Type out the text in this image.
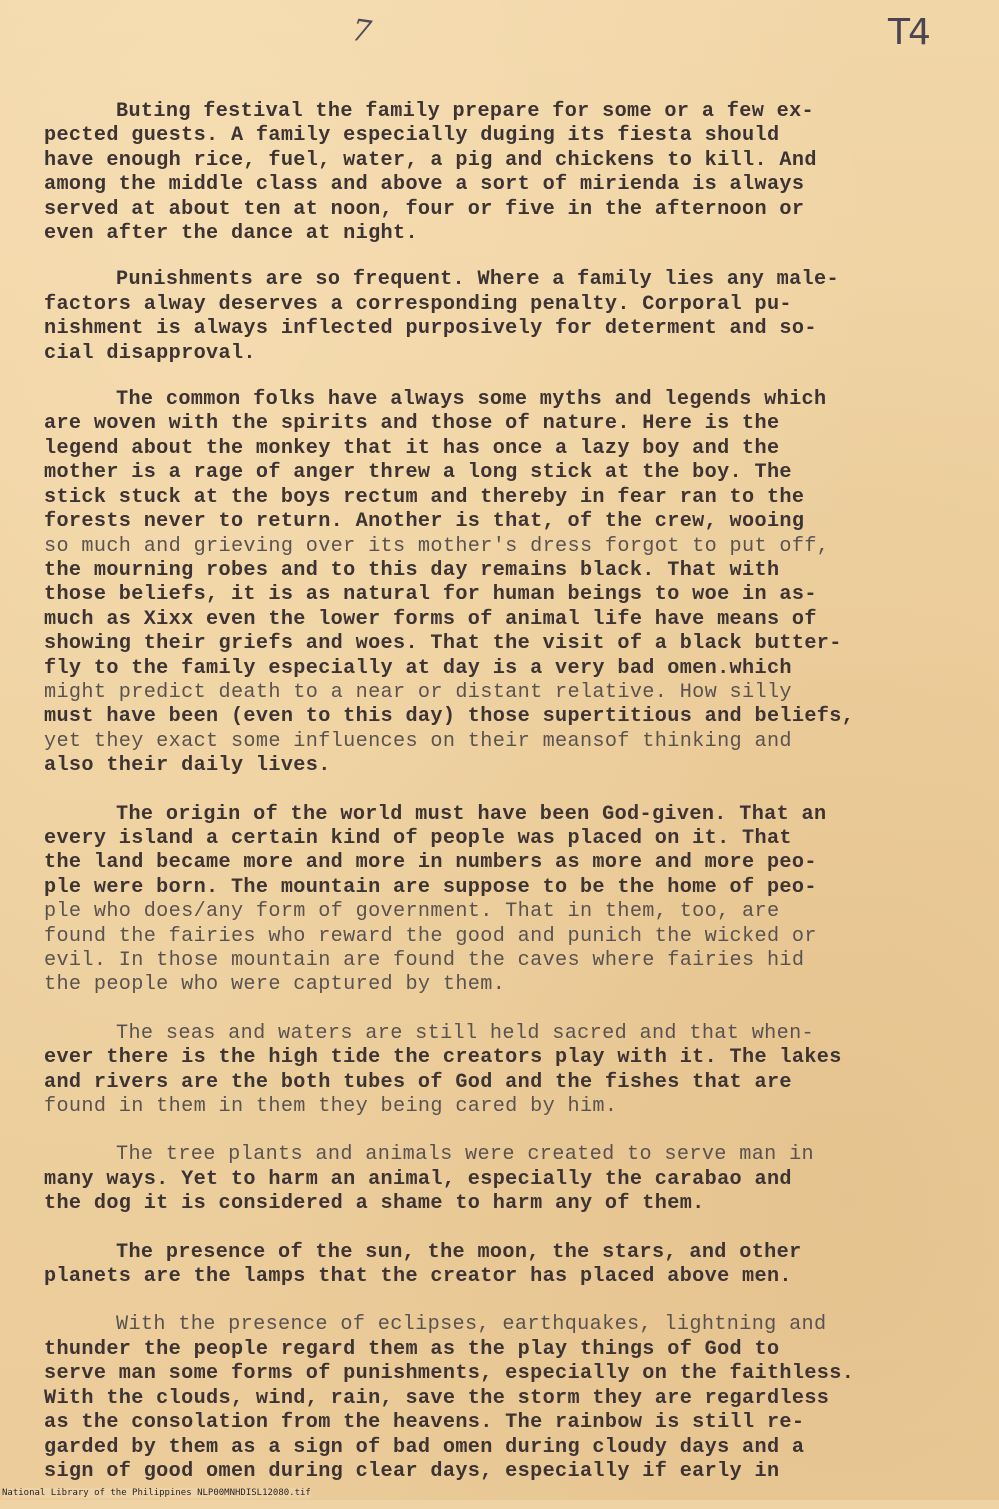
7	T4

Buting festival the family prepare for some or a few ex-
pected guests. A family especially duging its fiesta should
have enough rice, fuel, water, a pig and chickens to kill. And
among the middle class and above a sort of mirienda is always
served at about ten at noon, four or five in the afternoon or
even after the dance at night.

Punishments are so frequent. Where a family lies any male-
factors alway deserves a corresponding penalty. Corporal pu-
nishment is always inflected purposively for determent and so-
cial disapproval.

The common folks have always some myths and legends which
are woven with the spirits and those of nature. Here is the
legend about the monkey that it has once a lazy boy and the
mother is a rage of anger threw a long stick at the boy. The
stick stuck at the boys rectum and thereby in fear ran to the
forests never to return. Another is that, of the crew, wooing
so much and grieving over its mother's dress forgot to put off,
the mourning robes and to this day remains black. That with
those beliefs, it is as natural for human beings to woe in as-
much as Xixx even the lower forms of animal life have means of
showing their griefs and woes. That the visit of a black butter-
fly to the family especially at day is a very bad omen.which
might predict death to a near or distant relative. How silly
must have been (even to this day) those supertitious and beliefs,
yet they exact some influences on their meansof thinking and
also their daily lives.

The origin of the world must have been God-given. That an
every island a certain kind of people was placed on it. That
the land became more and more in numbers as more and more peo-
ple were born. The mountain are suppose to be the home of peo-
ple who does/any form of government. That in them, too, are
found the fairies who reward the good and punich the wicked or
evil. In those mountain are found the caves where fairies hid
the people who were captured by them.

The seas and waters are still held sacred and that when-
ever there is the high tide the creators play with it. The lakes
and rivers are the both tubes of God and the fishes that are
found in them in them they being cared by him.

The tree plants and animals were created to serve man in
many ways. Yet to harm an animal, especially the carabao and
the dog it is considered a shame to harm any of them.

The presence of the sun, the moon, the stars, and other
planets are the lamps that the creator has placed above men.

With the presence of eclipses, earthquakes, lightning and
thunder the people regard them as the play things of God to
serve man some forms of punishments, especially on the faithless.
With the clouds, wind, rain, save the storm they are regardless
as the consolation from the heavens. The rainbow is still re-
garded by them as a sign of bad omen during cloudy days and a
sign of good omen during clear days, especially if early in

National Library of the Philippines NLP00MNHDISL12080.tif
